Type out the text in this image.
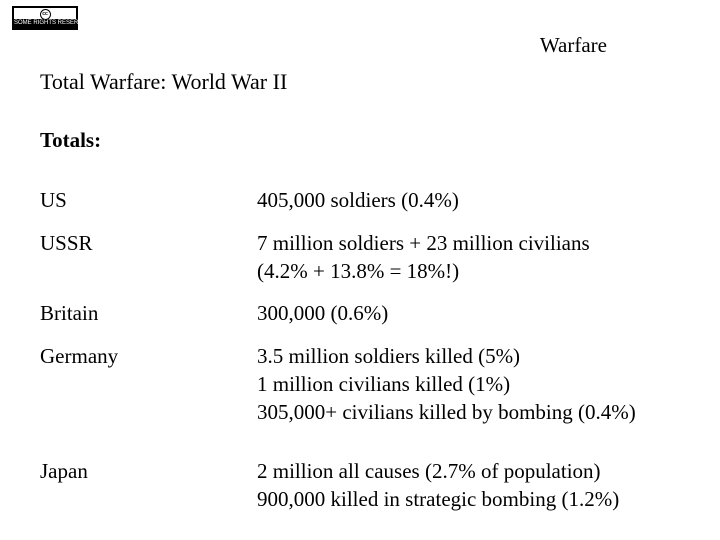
cc
SOME RIGHTS RESERVED
Warfare
Total Warfare: World War II
Totals:
US	405,000 soldiers (0.4%)
USSR	7 million soldiers + 23 million civilians
(4.2% + 13.8% = 18%!)
Britain	300,000 (0.6%)
Germany	3.5 million soldiers killed (5%)
1 million civilians killed (1%)
305,000+ civilians killed by bombing (0.4%)
Japan	2 million all causes (2.7% of population)
900,000 killed in strategic bombing (1.2%)
